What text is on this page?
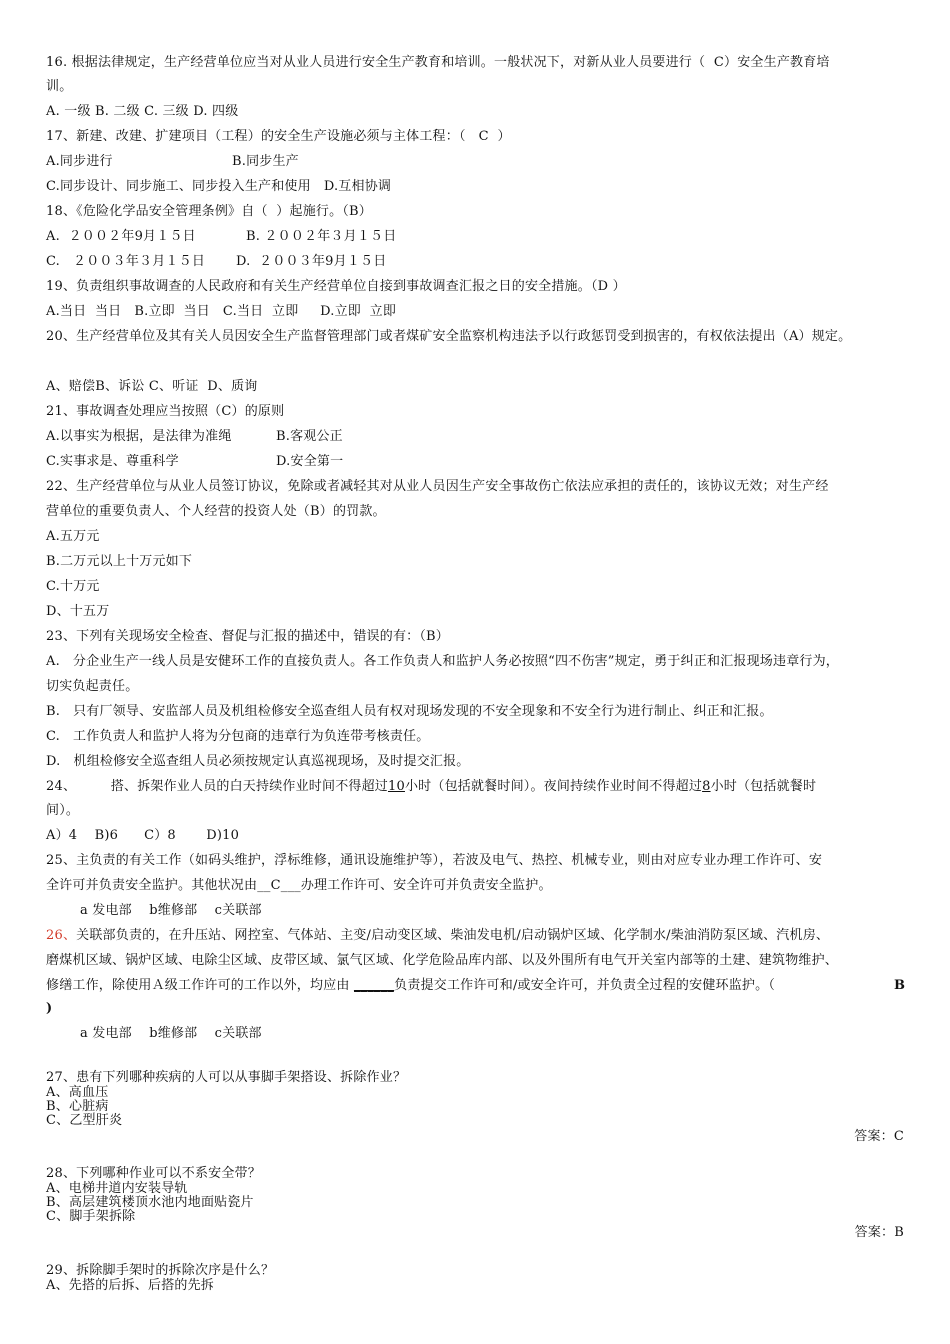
16. 根据法律规定，生产经营单位应当对从业人员进行安全生产教育和培训。一般状况下，对新从业人员要进行（  C）安全生产教育培
训。
A. 一级 B. 二级 C. 三级 D. 四级
17、新建、改建、扩建项目（工程）的安全生产设施必须与主体工程：（   C  ）
A.同步进行	B.同步生产
C.同步设计、同步施工、同步投入生产和使用   D.互相协调
18、《危险化学品安全管理条例》自（  ）起施行。（B）
A.  ２００２年9月１５日	B. ２００２年３月１５日
C.   ２００３年３月１５日 D.  ２００３年9月１５日
19、负责组织事故调查的人民政府和有关生产经营单位自接到事故调查汇报之日的安全措施。（D ）
A.当日  当日   B.立即  当日   C.当日  立即     D.立即  立即
20、生产经营单位及其有关人员因安全生产监督管理部门或者煤矿安全监察机构违法予以行政惩罚受到损害的，有权依法提出（A）规定。
A、赔偿B、诉讼 C、听证  D、质询
21、事故调查处理应当按照（C）的原则
A.以事实为根据，是法律为准绳	B.客观公正
C.实事求是、尊重科学	D.安全第一
22、生产经营单位与从业人员签订协议，免除或者减轻其对从业人员因生产安全事故伤亡依法应承担的责任的，该协议无效；对生产经
营单位的重要负责人、个人经营的投资人处（B）的罚款。
A.五万元
B.二万元以上十万元如下
C.十万元
D、十五万
23、下列有关现场安全检查、督促与汇报的描述中，错误的有：（B）
A.   分企业生产一线人员是安健环工作的直接负责人。各工作负责人和监护人务必按照“四不伤害”规定，勇于纠正和汇报现场违章行为，
切实负起责任。
B.   只有厂领导、安监部人员及机组检修安全巡查组人员有权对现场发现的不安全现象和不安全行为进行制止、纠正和汇报。
C.   工作负责人和监护人将为分包商的违章行为负连带考核责任。
D.   机组检修安全巡查组人员必须按规定认真巡视现场，及时提交汇报。
24、        搭、拆架作业人员的白天持续作业时间不得超过10小时（包括就餐时间）。夜间持续作业时间不得超过8小时（包括就餐时
间）。
A）4    B)6      C）8       D)10
25、主负责的有关工作（如码头维护，浮标维修，通讯设施维护等），若波及电气、热控、机械专业，则由对应专业办理工作许可、安
全许可并负责安全监护。其他状况由__C___办理工作许可、安全许可并负责安全监护。
a 发电部    b维修部    c关联部
26、关联部负责的，在升压站、网控室、气体站、主变/启动变区域、柴油发电机/启动锅炉区域、化学制水/柴油消防泵区域、汽机房、
磨煤机区域、锅炉区域、电除尘区域、皮带区域、氯气区域、化学危险品库内部、以及外围所有电气开关室内部等的土建、建筑物维护、
修缮工作，除使用Ａ级工作许可的工作以外，均应由 ______负责提交工作许可和/或安全许可，并负责全过程的安健环监护。（	B
)
a 发电部    b维修部    c关联部
27、患有下列哪种疾病的人可以从事脚手架搭设、拆除作业？
A、高血压
B、心脏病
C、乙型肝炎
答案：C
28、下列哪种作业可以不系安全带？
A、电梯井道内安装导轨
B、高层建筑楼顶水池内地面贴瓷片
C、脚手架拆除
答案：B
29、拆除脚手架时的拆除次序是什么？
A、先搭的后拆、后搭的先拆
